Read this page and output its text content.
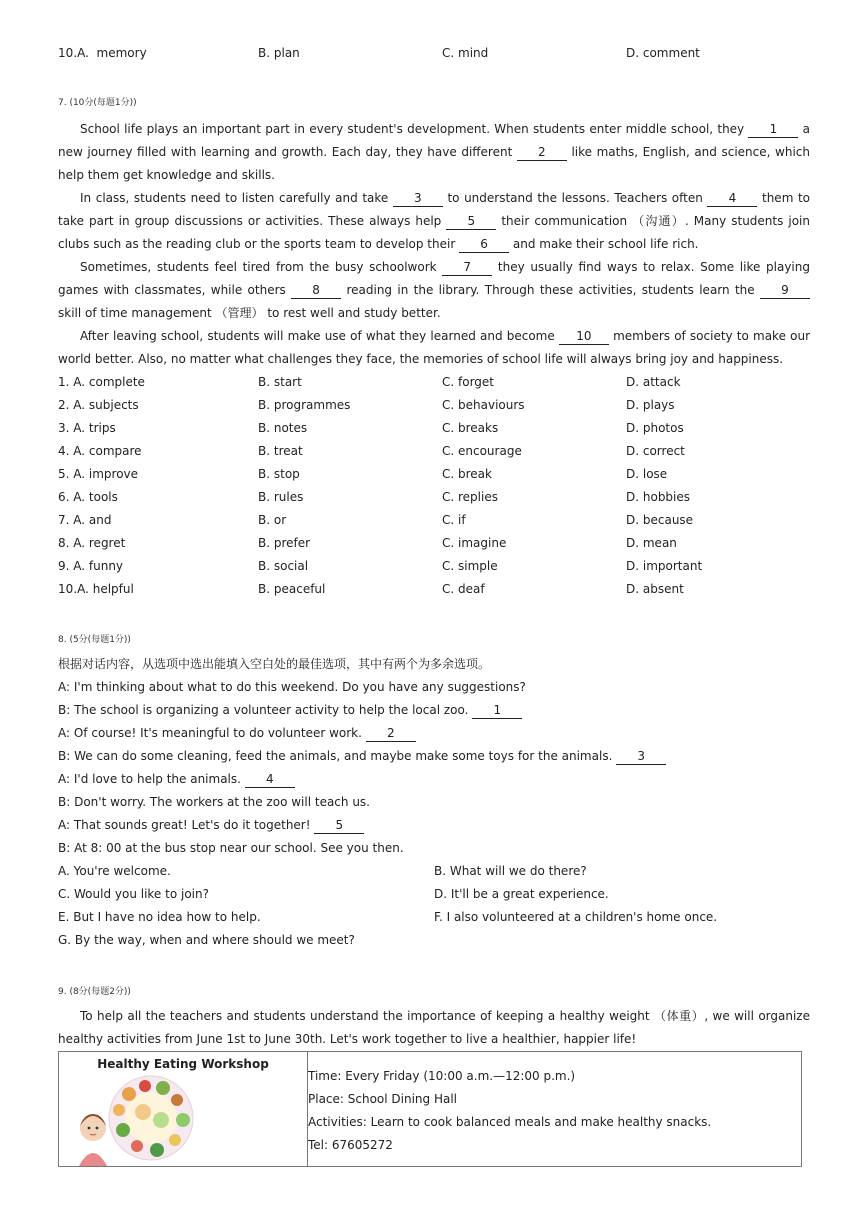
10.A. memory	B. plan	C. mind	D. comment
7. (10分(每题1分))

School life plays an important part in every student's development. When students enter middle school, they 1 a new journey filled with learning and growth. Each day, they have different 2 like maths, English, and science, which help them get knowledge and skills.

In class, students need to listen carefully and take 3 to understand the lessons. Teachers often 4 them to take part in group discussions or activities. These always help 5 their communication （沟通）. Many students join clubs such as the reading club or the sports team to develop their 6 and make their school life rich.

Sometimes, students feel tired from the busy schoolwork 7 they usually find ways to relax. Some like playing games with classmates, while others 8 reading in the library. Through these activities, students learn the 9 skill of time management （管理） to rest well and study better.

After leaving school, students will make use of what they learned and become 10 members of society to make our world better. Also, no matter what challenges they face, the memories of school life will always bring joy and happiness.

1. A. complete	B. start	C. forget	D. attack
2. A. subjects	B. programmes	C. behaviours	D. plays
3. A. trips	B. notes	C. breaks	D. photos
4. A. compare	B. treat	C. encourage	D. correct
5. A. improve	B. stop	C. break	D. lose
6. A. tools	B. rules	C. replies	D. hobbies
7. A. and	B. or	C. if	D. because
8. A. regret	B. prefer	C. imagine	D. mean
9. A. funny	B. social	C. simple	D. important
10.A. helpful	B. peaceful	C. deaf	D. absent
8. (5分(每题1分))
根据对话内容，从选项中选出能填入空白处的最佳选项，其中有两个为多余选项。
A: I'm thinking about what to do this weekend. Do you have any suggestions?
B: The school is organizing a volunteer activity to help the local zoo. 1
A: Of course! It's meaningful to do volunteer work. 2
B: We can do some cleaning, feed the animals, and maybe make some toys for the animals. 3
A: I'd love to help the animals. 4
B: Don't worry. The workers at the zoo will teach us.
A: That sounds great! Let's do it together! 5
B: At 8: 00 at the bus stop near our school. See you then.
A. You're welcome.	B. What will we do there?
C. Would you like to join?	D. It'll be a great experience.
E. But I have no idea how to help.	F. I also volunteered at a children's home once.
G. By the way, when and where should we meet?
9. (8分(每题2分))

To help all the teachers and students understand the importance of keeping a healthy weight （体重）, we will organize healthy activities from June 1st to June 30th. Let's work together to live a healthier, happier life!

Healthy Eating Workshop
Time: Every Friday (10:00 a.m.—12:00 p.m.)
Place: School Dining Hall
Activities: Learn to cook balanced meals and make healthy snacks.
Tel: 67605272
